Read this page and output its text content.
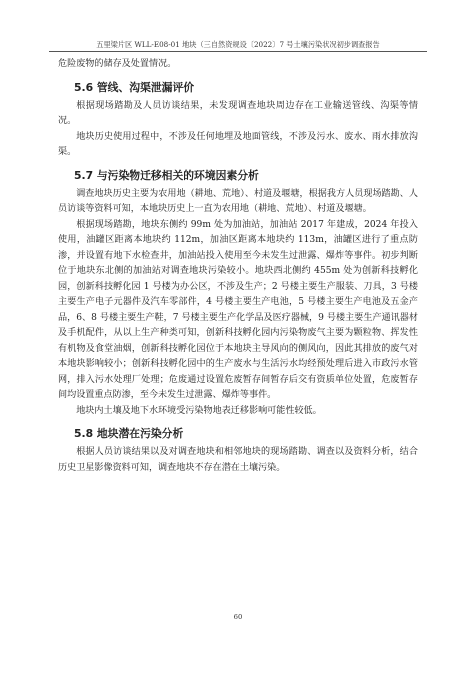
五里梁片区 WLL-E08-01 地块（三自然资规设〔2022〕7 号土壤污染状况初步调查报告

危险废物的储存及处置情况。

5.6 管线、沟渠泄漏评价

根据现场踏勘及人员访谈结果，未发现调查地块周边存在工业输送管线、沟渠等情况。

地块历史使用过程中，不涉及任何地埋及地面管线，不涉及污水、废水、雨水排放沟渠。

5.7 与污染物迁移相关的环境因素分析

调查地块历史主要为农用地（耕地、荒地）、村道及堰塘，根据我方人员现场踏勘、人员访谈等资料可知，本地块历史上一直为农用地（耕地、荒地）、村道及堰塘。

根据现场踏勘，地块东侧约 99m 处为加油站，加油站 2017 年建成，2024 年投入使用，油罐区距离本地块约 112m，加油区距离本地块约 113m，油罐区进行了重点防渗，并设置有地下水检查井，加油站投入使用至今未发生过泄露、爆炸等事件。初步判断位于地块东北侧的加油站对调查地块污染较小。地块西北侧约 455m 处为创新科技孵化园，创新科技孵化园 1 号楼为办公区，不涉及生产；2 号楼主要生产服装、刀具，3 号楼主要生产电子元器件及汽车零部件，4 号楼主要生产电池，5 号楼主要生产电池及五金产品，6、8 号楼主要生产鞋，7 号楼主要生产化学品及医疗器械，9 号楼主要生产通讯器材及手机配件，从以上生产种类可知，创新科技孵化园内污染物废气主要为颗粒物、挥发性有机物及食堂油烟，创新科技孵化园位于本地块主导风向的侧风向，因此其排放的废气对本地块影响较小；创新科技孵化园中的生产废水与生活污水均经预处理后进入市政污水管网，排入污水处理厂处理；危废通过设置危废暂存间暂存后交有资质单位处置，危废暂存间均设置重点防渗，至今未发生过泄露、爆炸等事件。

地块内土壤及地下水环境受污染物地表迁移影响可能性较低。

5.8 地块潜在污染分析

根据人员访谈结果以及对调查地块和相邻地块的现场踏勘、调查以及资料分析，结合历史卫星影像资料可知，调查地块不存在潜在土壤污染。

60
